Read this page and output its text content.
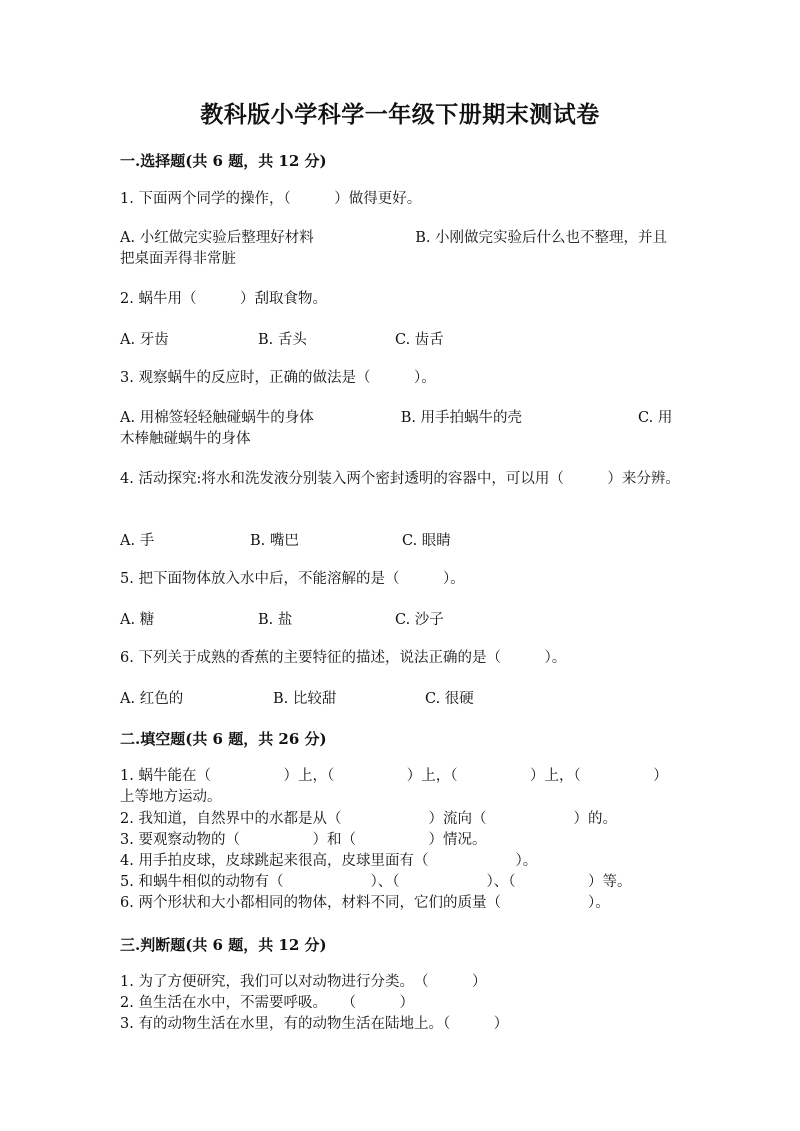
教科版小学科学一年级下册期末测试卷
一.选择题(共 6 题，共 12 分)
1. 下面两个同学的操作，（　　　）做得更好。
A. 小红做完实验后整理好材料　　　　　　　B. 小刚做完实验后什么也不整理，并且把桌面弄得非常脏
2. 蜗牛用（　　　）刮取食物。
A. 牙齿	B. 舌头	C. 齿舌
3. 观察蜗牛的反应时，正确的做法是（　　　）。
A. 用棉签轻轻触碰蜗牛的身体　　　　　　B. 用手拍蜗牛的壳　　　　　　　　C. 用木棒触碰蜗牛的身体
4. 活动探究:将水和洗发液分别装入两个密封透明的容器中，可以用（　　　）来分辨。
A. 手	B. 嘴巴	C. 眼睛
5. 把下面物体放入水中后，不能溶解的是（　　　）。
A. 糖	B. 盐	C. 沙子
6. 下列关于成熟的香蕉的主要特征的描述，说法正确的是（　　　）。
A. 红色的	B. 比较甜	C. 很硬
二.填空题(共 6 题，共 26 分)
1. 蜗牛能在（　　　　　）上，（　　　　　）上，（　　　　　）上，（　　　　　）上等地方运动。
2. 我知道，自然界中的水都是从（　　　　　　）流向（　　　　　　）的。
3. 要观察动物的（　　　　　）和（　　　　　）情况。
4. 用手拍皮球，皮球跳起来很高，皮球里面有（　　　　　　）。
5. 和蜗牛相似的动物有（　　　　　　）、（　　　　　　）、（　　　　　）等。
6. 两个形状和大小都相同的物体，材料不同，它们的质量（　　　　　　）。
三.判断题(共 6 题，共 12 分)
1. 为了方便研究，我们可以对动物进行分类。　（　　　）
2. 鱼生活在水中，不需要呼吸。　　（　　　）
3. 有的动物生活在水里，有的动物生活在陆地上。（　　　）
